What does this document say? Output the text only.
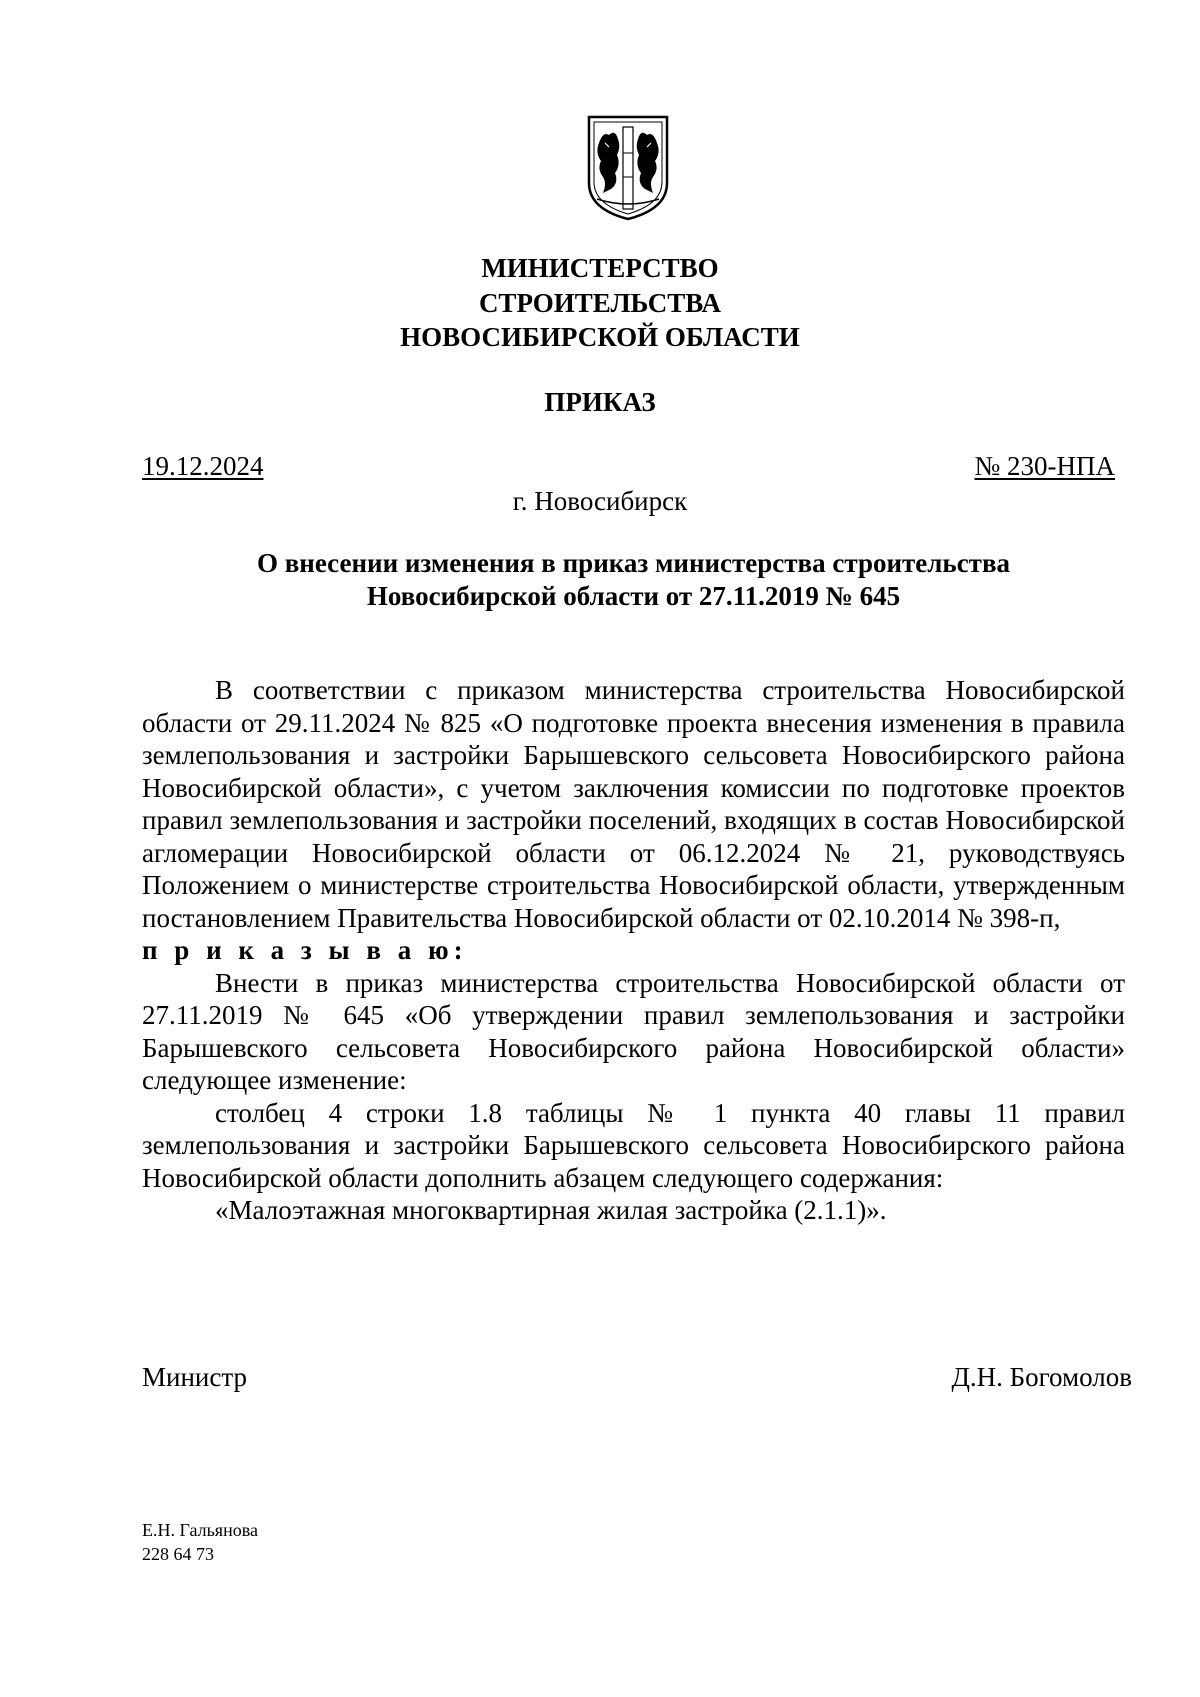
МИНИСТЕРСТВО
СТРОИТЕЛЬСТВА
НОВОСИБИРСКОЙ ОБЛАСТИ
ПРИКАЗ
19.12.2024	№ 230-НПА
г. Новосибирск
О внесении изменения в приказ министерства строительства
Новосибирской области от 27.11.2019 № 645

В соответствии с приказом министерства строительства Новосибирской области от 29.11.2024 № 825 «О подготовке проекта внесения изменения в правила землепользования и застройки Барышевского сельсовета Новосибирского района Новосибирской области», с учетом заключения комиссии по подготовке проектов правил землепользования и застройки поселений, входящих в состав Новосибирской агломерации Новосибирской области от 06.12.2024 № 21, руководствуясь Положением о министерстве строительства Новосибирской области, утвержденным постановлением Правительства Новосибирской области от 02.10.2014 № 398-п,

п р и к а з ы в а ю:

Внести в приказ министерства строительства Новосибирской области от 27.11.2019 № 645 «Об утверждении правил землепользования и застройки Барышевского сельсовета Новосибирского района Новосибирской области» следующее изменение:

столбец 4 строки 1.8 таблицы № 1 пункта 40 главы 11 правил землепользования и застройки Барышевского сельсовета Новосибирского района Новосибирской области дополнить абзацем следующего содержания:

«Малоэтажная многоквартирная жилая застройка (2.1.1)».

Министр	Д.Н. Богомолов
Е.Н. Гальянова
228 64 73
